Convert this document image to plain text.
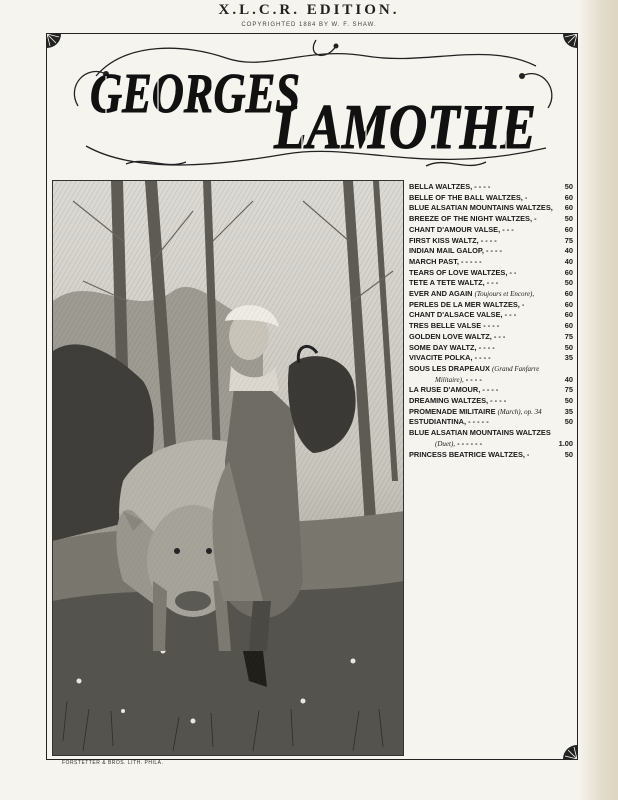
X.L.C.R. EDITION.
COPYRIGHTED 1884 BY W. F. SHAW.
GEORGES
LAMOTHE
FORSTETTER & BROS. LITH. PHILA.
BELLA WALTZES, - - - -	50
BELLE OF THE BALL WALTZES, -	60
BLUE ALSATIAN MOUNTAINS WALTZES, 60
BREEZE OF THE NIGHT WALTZES, -	50
CHANT D'AMOUR VALSE, - - -	60
FIRST KISS WALTZ, - - - -	75
INDIAN MAIL GALOP, - - - -	40
MARCH PAST, - - - - -	40
TEARS OF LOVE WALTZES, - -	60
TETE A TETE WALTZ, - - -	50
EVER AND AGAIN (Toujours et Encore),	60
PERLES DE LA MER WALTZES, -	60
CHANT D'ALSACE VALSE, - - -	60
TRES BELLE VALSE - - - -	60
GOLDEN LOVE WALTZ, - - -	75
SOME DAY WALTZ, - - - -	50
VIVACITE POLKA, - - - -	35
SOUS LES DRAPEAUX (Grand Fanfarre
Militaire), - - - -	40
LA RUSE D'AMOUR, - - - -	75
DREAMING WALTZES, - - - -	50
PROMENADE MILITAIRE (March), op. 34	35
ESTUDIANTINA, - - - - -	50
BLUE ALSATIAN MOUNTAINS WALTZES
(Duet), - - - - - -	1.00
PRINCESS BEATRICE WALTZES, -	50
